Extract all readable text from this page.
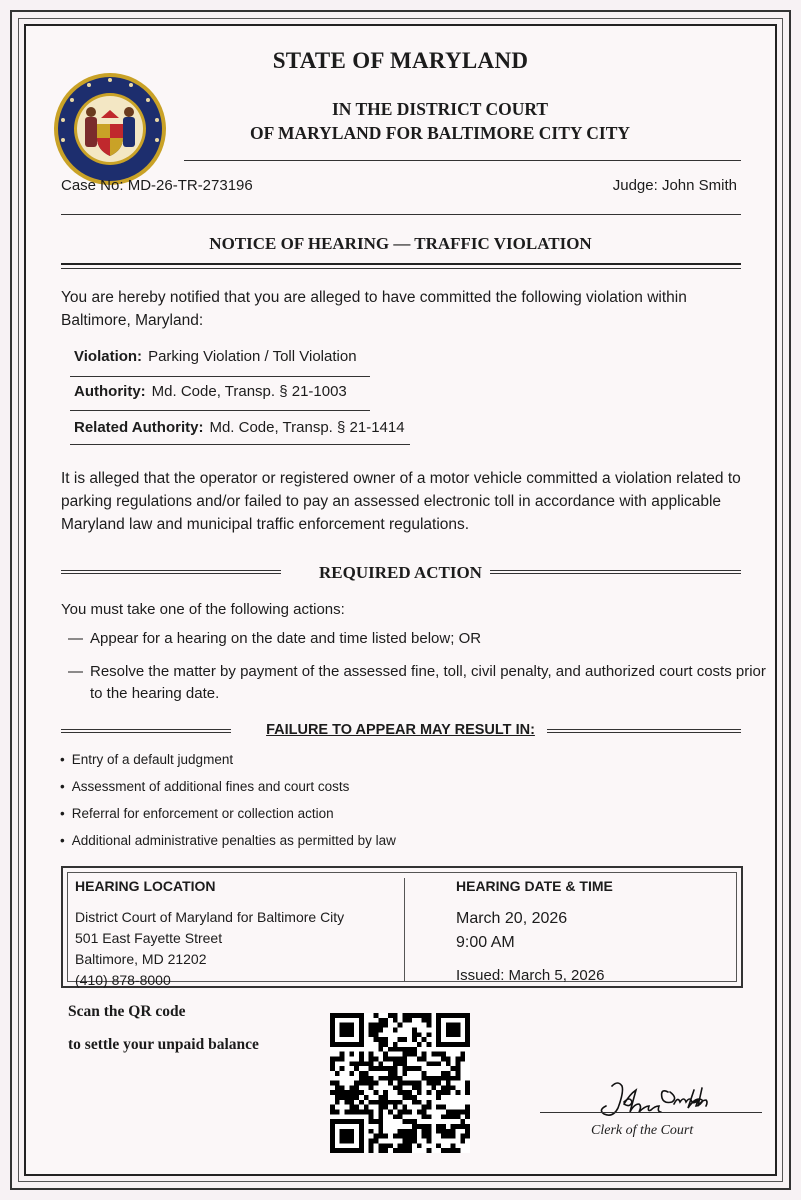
STATE OF MARYLAND
IN THE DISTRICT COURT
OF MARYLAND FOR BALTIMORE CITY CITY
Case No: MD-26-TR-273196	Judge: John Smith
NOTICE OF HEARING — TRAFFIC VIOLATION
You are hereby notified that you are alleged to have committed the following violation within Baltimore, Maryland:
Violation: Parking Violation / Toll Violation
Authority: Md. Code, Transp. § 21-1003
Related Authority: Md. Code, Transp. § 21-1414
It is alleged that the operator or registered owner of a motor vehicle committed a violation related to parking regulations and/or failed to pay an assessed electronic toll in accordance with applicable Maryland law and municipal traffic enforcement regulations.
REQUIRED ACTION
You must take one of the following actions:
— Appear for a hearing on the date and time listed below; OR
— Resolve the matter by payment of the assessed fine, toll, civil penalty, and authorized court costs prior to the hearing date.
FAILURE TO APPEAR MAY RESULT IN:
• Entry of a default judgment
• Assessment of additional fines and court costs
• Referral for enforcement or collection action
• Additional administrative penalties as permitted by law
HEARING LOCATION
District Court of Maryland for Baltimore City
501 East Fayette Street
Baltimore, MD 21202
(410) 878-8000
HEARING DATE & TIME
March 20, 2026
9:00 AM
Issued: March 5, 2026
Scan the QR code
to settle your unpaid balance
Clerk of the Court
